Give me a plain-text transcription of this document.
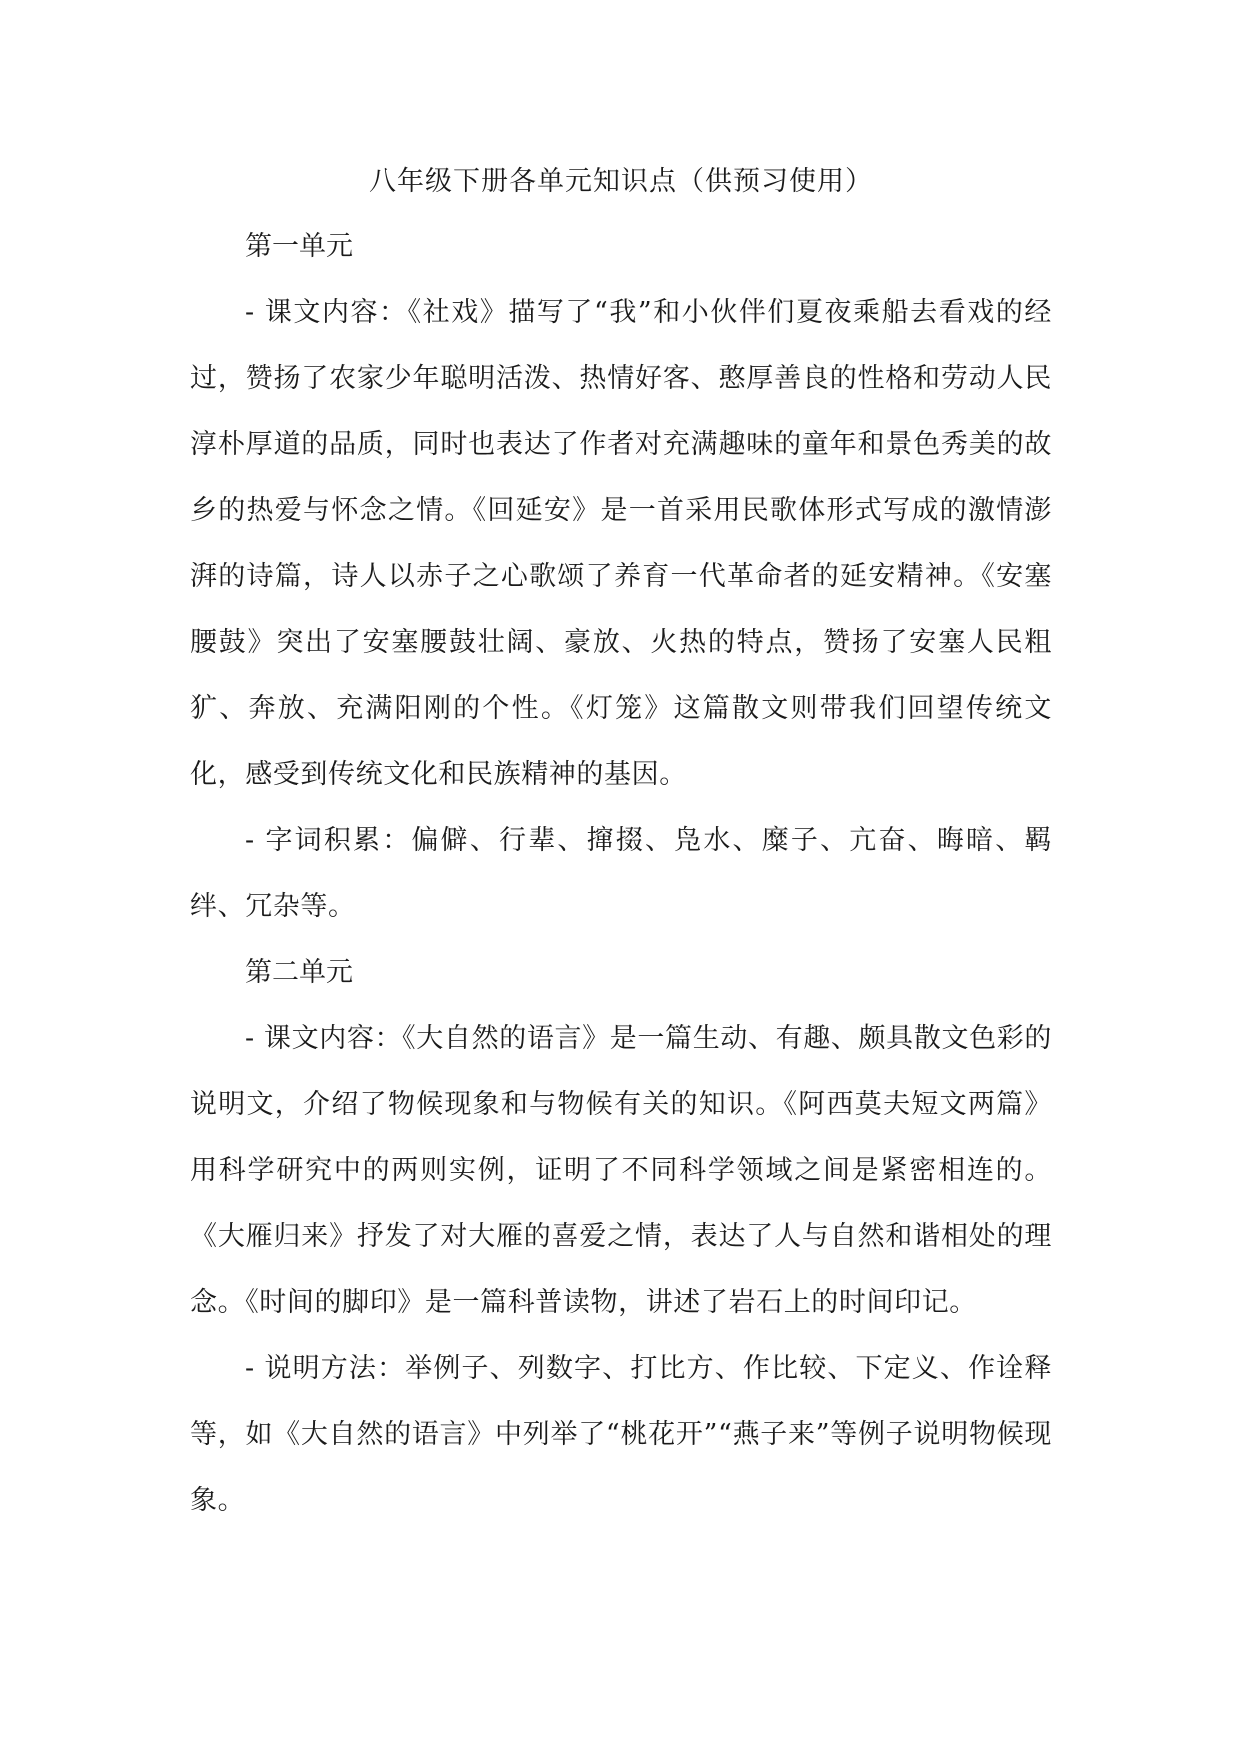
八年级下册各单元知识点（供预习使用）

第一单元

- 课文内容：《社戏》描写了“我”和小伙伴们夏夜乘船去看戏的经过，赞扬了农家少年聪明活泼、热情好客、憨厚善良的性格和劳动人民淳朴厚道的品质，同时也表达了作者对充满趣味的童年和景色秀美的故乡的热爱与怀念之情。《回延安》是一首采用民歌体形式写成的激情澎湃的诗篇，诗人以赤子之心歌颂了养育一代革命者的延安精神。《安塞腰鼓》突出了安塞腰鼓壮阔、豪放、火热的特点，赞扬了安塞人民粗犷、奔放、充满阳刚的个性。《灯笼》这篇散文则带我们回望传统文化，感受到传统文化和民族精神的基因。

- 字词积累：偏僻、行辈、撺掇、凫水、糜子、亢奋、晦暗、羁绊、冗杂等。

第二单元

- 课文内容：《大自然的语言》是一篇生动、有趣、颇具散文色彩的说明文，介绍了物候现象和与物候有关的知识。《阿西莫夫短文两篇》用科学研究中的两则实例，证明了不同科学领域之间是紧密相连的。《大雁归来》抒发了对大雁的喜爱之情，表达了人与自然和谐相处的理念。《时间的脚印》是一篇科普读物，讲述了岩石上的时间印记。

- 说明方法：举例子、列数字、打比方、作比较、下定义、作诠释等，如《大自然的语言》中列举了“桃花开”“燕子来”等例子说明物候现象。
